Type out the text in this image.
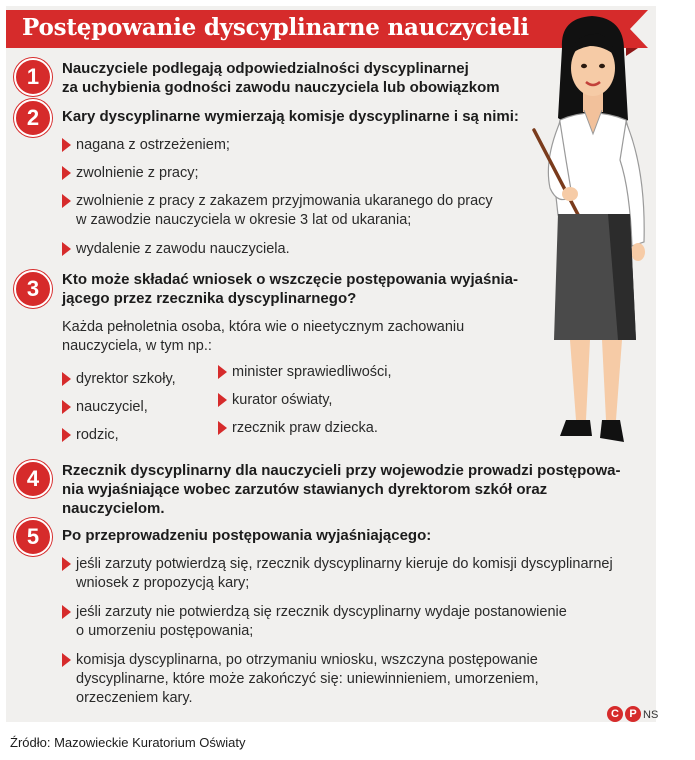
Postępowanie dyscyplinarne nauczycieli
1	Nauczyciele podlegają odpowiedzialności dyscyplinarnej
za uchybienia godności zawodu nauczyciela lub obowiązkom

2	Kary dyscyplinarne wymierzają komisje dyscyplinarne i są nimi:

nagana z ostrzeżeniem;
zwolnienie z pracy;
zwolnienie z pracy z zakazem przyjmowania ukaranego do pracy
w zawodzie nauczyciela w okresie 3 lat od ukarania;
wydalenie z zawodu nauczyciela.
3	Kto może składać wniosek o wszczęcie postępowania wyjaśnia-
jącego przez rzecznika dyscyplinarnego?

Każda pełnoletnia osoba, która wie o nieetycznym zachowaniu
nauczyciela, w tym np.:
dyrektor szkoły,
nauczyciel,
rodzic,
minister sprawiedliwości,
kurator oświaty,
rzecznik praw dziecka.
4	Rzecznik dyscyplinarny dla nauczycieli przy wojewodzie prowadzi postępowa-
nia wyjaśniające wobec zarzutów stawianych dyrektorom szkół oraz
nauczycielom.

5	Po przeprowadzeniu postępowania wyjaśniającego:

jeśli zarzuty potwierdzą się, rzecznik dyscyplinarny kieruje do komisji dyscyplinarnej
wniosek z propozycją kary;
jeśli zarzuty nie potwierdzą się rzecznik dyscyplinarny wydaje postanowienie
o umorzeniu postępowania;
komisja dyscyplinarna, po otrzymaniu wniosku, wszczyna postępowanie
dyscyplinarne, które może zakończyć się: uniewinnieniem, umorzeniem,
orzeczeniem kary.
C P NS
Źródło: Mazowieckie Kuratorium Oświaty
